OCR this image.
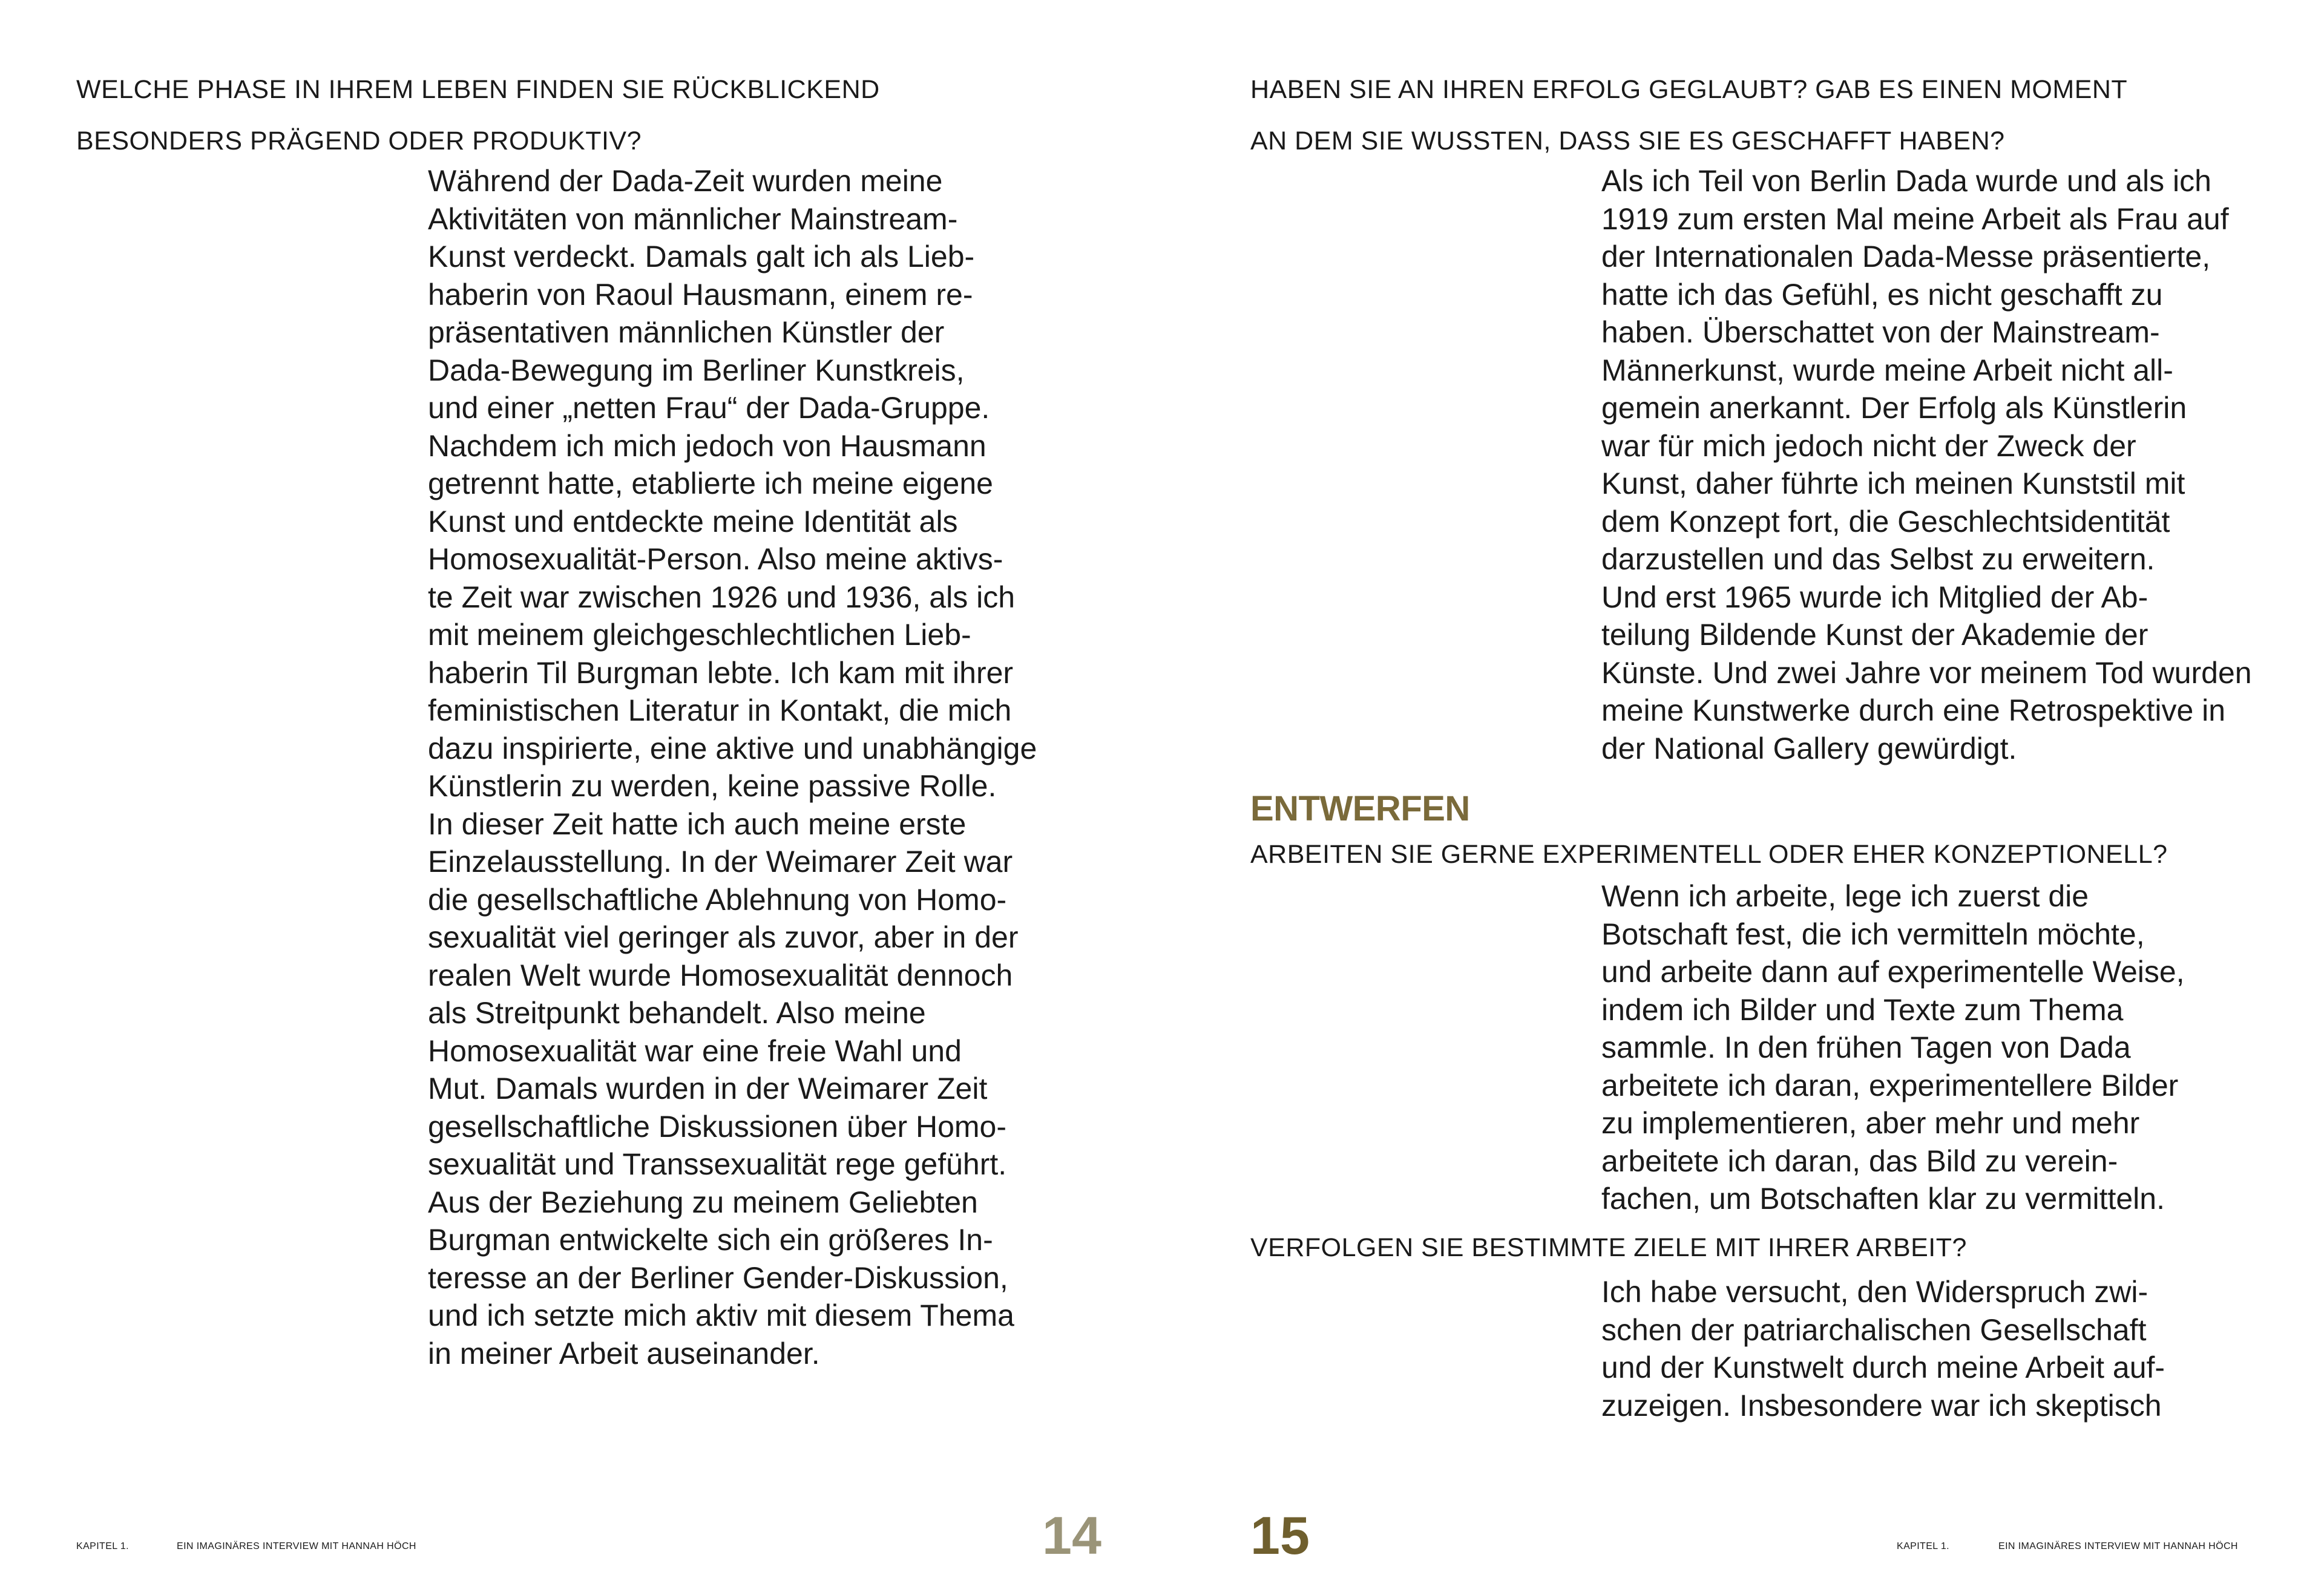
WELCHE PHASE IN IHREM LEBEN FINDEN SIE RÜCKBLICKEND
BESONDERS PRÄGEND ODER PRODUKTIV?

Während der Dada-Zeit wurden meine
Aktivitäten von männlicher Mainstream-
Kunst verdeckt. Damals galt ich als Lieb-
haberin von Raoul Hausmann, einem re-
präsentativen männlichen Künstler der
Dada-Bewegung im Berliner Kunstkreis,
und einer „netten Frau“ der Dada-Gruppe.
Nachdem ich mich jedoch von Hausmann
getrennt hatte, etablierte ich meine eigene
Kunst und entdeckte meine Identität als
Homosexualität-Person. Also meine aktivs-
te Zeit war zwischen 1926 und 1936, als ich
mit meinem gleichgeschlechtlichen Lieb-
haberin Til Burgman lebte. Ich kam mit ihrer
feministischen Literatur in Kontakt, die mich
dazu inspirierte, eine aktive und unabhängige
Künstlerin zu werden, keine passive Rolle.
In dieser Zeit hatte ich auch meine erste
Einzelausstellung. In der Weimarer Zeit war
die gesellschaftliche Ablehnung von Homo-
sexualität viel geringer als zuvor, aber in der
realen Welt wurde Homosexualität dennoch
als Streitpunkt behandelt. Also meine
Homosexualität war eine freie Wahl und
Mut. Damals wurden in der Weimarer Zeit
gesellschaftliche Diskussionen über Homo-
sexualität und Transsexualität rege geführt.
Aus der Beziehung zu meinem Geliebten
Burgman entwickelte sich ein größeres In-
teresse an der Berliner Gender-Diskussion,
und ich setzte mich aktiv mit diesem Thema
in meiner Arbeit auseinander.

KAPITEL 1.	EIN IMAGINÄRES INTERVIEW MIT HANNAH HÖCH	14

HABEN SIE AN IHREN ERFOLG GEGLAUBT? GAB ES EINEN MOMENT
AN DEM SIE WUSSTEN, DASS SIE ES GESCHAFFT HABEN?

Als ich Teil von Berlin Dada wurde und als ich
1919 zum ersten Mal meine Arbeit als Frau auf
der Internationalen Dada-Messe präsentierte,
hatte ich das Gefühl, es nicht geschafft zu
haben. Überschattet von der Mainstream-
Männerkunst, wurde meine Arbeit nicht all-
gemein anerkannt. Der Erfolg als Künstlerin
war für mich jedoch nicht der Zweck der
Kunst, daher führte ich meinen Kunststil mit
dem Konzept fort, die Geschlechtsidentität
darzustellen und das Selbst zu erweitern.
Und erst 1965 wurde ich Mitglied der Ab-
teilung Bildende Kunst der Akademie der
Künste. Und zwei Jahre vor meinem Tod wurden
meine Kunstwerke durch eine Retrospektive in
der National Gallery gewürdigt.

ENTWERFEN

ARBEITEN SIE GERNE EXPERIMENTELL ODER EHER KONZEPTIONELL?

Wenn ich arbeite, lege ich zuerst die
Botschaft fest, die ich vermitteln möchte,
und arbeite dann auf experimentelle Weise,
indem ich Bilder und Texte zum Thema
sammle. In den frühen Tagen von Dada
arbeitete ich daran, experimentellere Bilder
zu implementieren, aber mehr und mehr
arbeitete ich daran, das Bild zu verein-
fachen, um Botschaften klar zu vermitteln.

VERFOLGEN SIE BESTIMMTE ZIELE MIT IHRER ARBEIT?

Ich habe versucht, den Widerspruch zwi-
schen der patriarchalischen Gesellschaft
und der Kunstwelt durch meine Arbeit auf-
zuzeigen. Insbesondere war ich skeptisch

15	KAPITEL 1.	EIN IMAGINÄRES INTERVIEW MIT HANNAH HÖCH
